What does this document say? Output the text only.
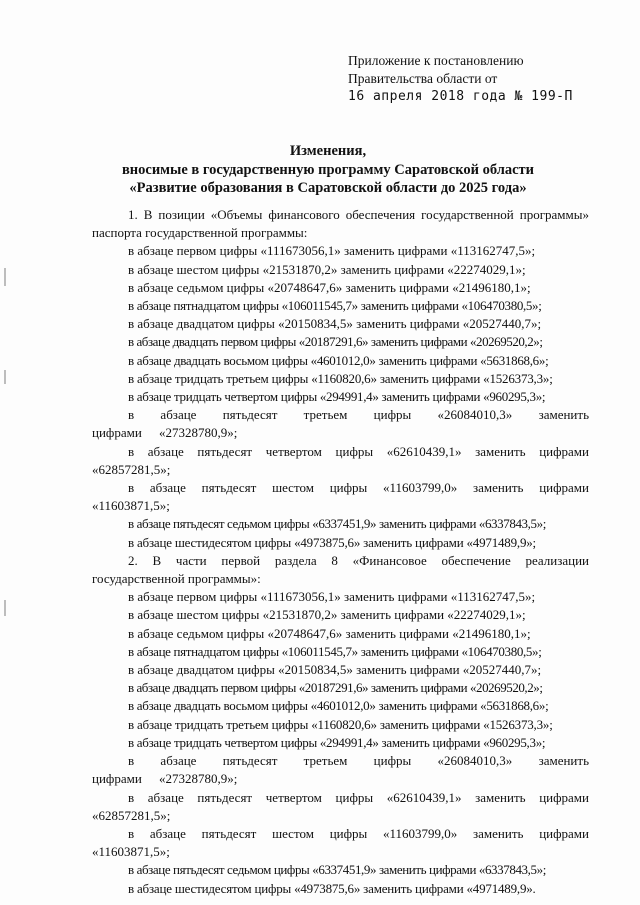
Приложение к постановлению
Правительства области от
16 апреля 2018 года № 199-П
Изменения,
вносимые в государственную программу Саратовской области
«Развитие образования в Саратовской области до 2025 года»
1. В позиции «Объемы финансового обеспечения государственной программы» паспорта государственной программы:
в абзаце первом цифры «111673056,1» заменить цифрами «113162747,5»;
в абзаце шестом цифры «21531870,2» заменить цифрами «22274029,1»;
в абзаце седьмом цифры «20748647,6» заменить цифрами «21496180,1»;
в абзаце пятнадцатом цифры «106011545,7» заменить цифрами «106470380,5»;
в абзаце двадцатом цифры «20150834,5» заменить цифрами «20527440,7»;
в абзаце двадцать первом цифры «20187291,6» заменить цифрами «20269520,2»;
в абзаце двадцать восьмом цифры «4601012,0» заменить цифрами «5631868,6»;
в абзаце тридцать третьем цифры «1160820,6» заменить цифрами «1526373,3»;
в абзаце тридцать четвертом цифры «294991,4» заменить цифрами «960295,3»;
в абзаце пятьдесят третьем цифры «26084010,3» заменить цифрами «27328780,9»;
в абзаце пятьдесят четвертом цифры «62610439,1» заменить цифрами «62857281,5»;
в абзаце пятьдесят шестом цифры «11603799,0» заменить цифрами «11603871,5»;
в абзаце пятьдесят седьмом цифры «6337451,9» заменить цифрами «6337843,5»;
в абзаце шестидесятом цифры «4973875,6» заменить цифрами «4971489,9»;
2. В части первой раздела 8 «Финансовое обеспечение реализации государственной программы»:
в абзаце первом цифры «111673056,1» заменить цифрами «113162747,5»;
в абзаце шестом цифры «21531870,2» заменить цифрами «22274029,1»;
в абзаце седьмом цифры «20748647,6» заменить цифрами «21496180,1»;
в абзаце пятнадцатом цифры «106011545,7» заменить цифрами «106470380,5»;
в абзаце двадцатом цифры «20150834,5» заменить цифрами «20527440,7»;
в абзаце двадцать первом цифры «20187291,6» заменить цифрами «20269520,2»;
в абзаце двадцать восьмом цифры «4601012,0» заменить цифрами «5631868,6»;
в абзаце тридцать третьем цифры «1160820,6» заменить цифрами «1526373,3»;
в абзаце тридцать четвертом цифры «294991,4» заменить цифрами «960295,3»;
в абзаце пятьдесят третьем цифры «26084010,3» заменить цифрами «27328780,9»;
в абзаце пятьдесят четвертом цифры «62610439,1» заменить цифрами «62857281,5»;
в абзаце пятьдесят шестом цифры «11603799,0» заменить цифрами «11603871,5»;
в абзаце пятьдесят седьмом цифры «6337451,9» заменить цифрами «6337843,5»;
в абзаце шестидесятом цифры «4973875,6» заменить цифрами «4971489,9».
